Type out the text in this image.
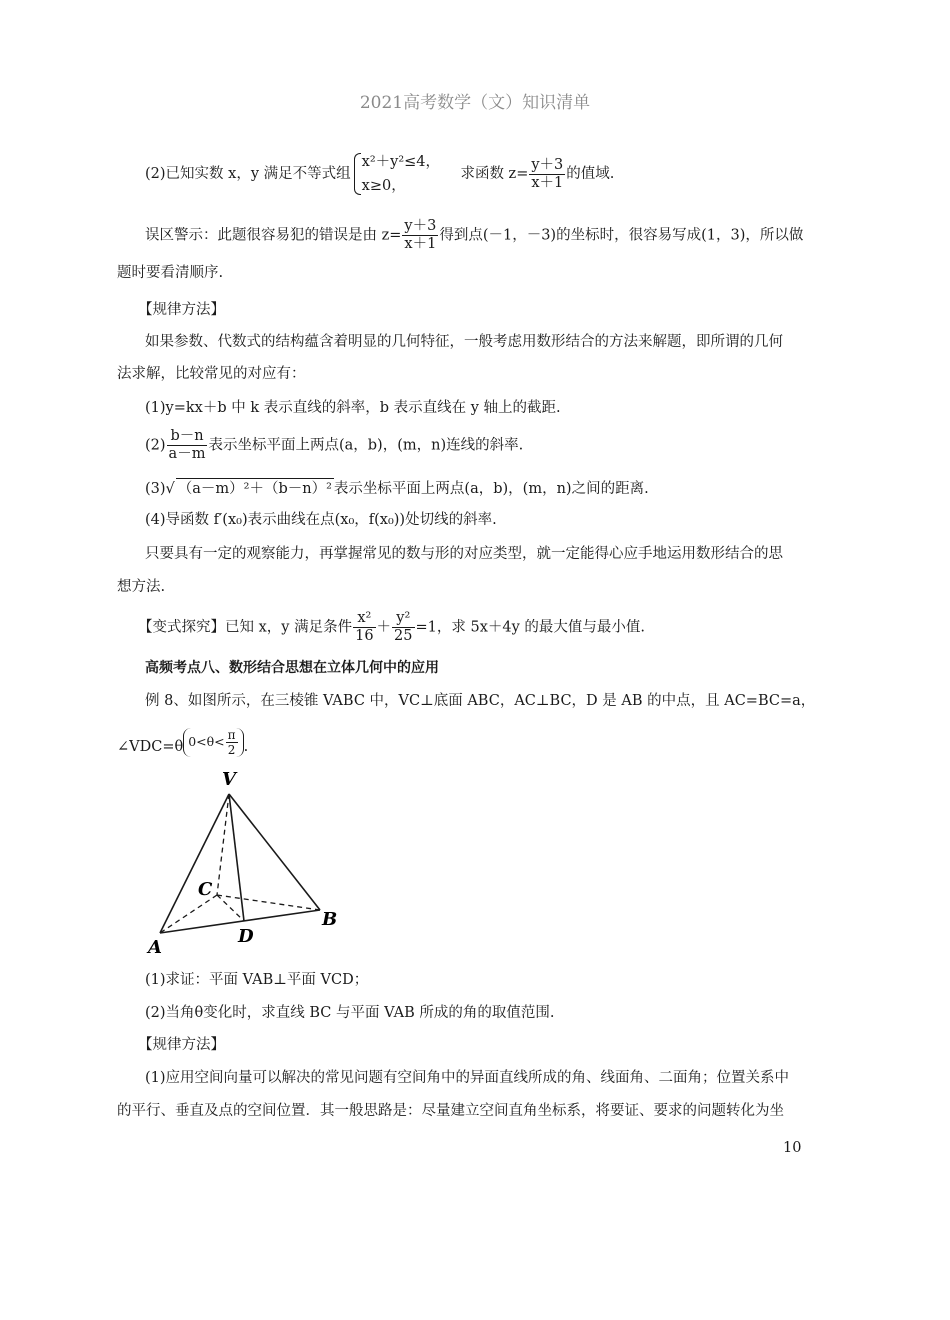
2021高考数学（文）知识清单
(2)已知实数 x，y 满足不等式组
x²＋y²≤4，
x≥0，
求函数 $z= \frac{y+3}{x+1}$ 的值域.
误区警示：此题很容易犯的错误是由 $z= \frac{y+3}{x+1}$ 得到点(－1，－3)的坐标时，很容易写成(1，3)，所以做
题时要看清顺序.
【规律方法】
如果参数、代数式的结构蕴含着明显的几何特征，一般考虑用数形结合的方法来解题，即所谓的几何
法求解，比较常见的对应有：
(1)y=kx＋b 中 k 表示直线的斜率，b 表示直线在 y 轴上的截距.
$(2) \frac{b-n}{a-m}$ 表示坐标平面上两点(a，b)，(m，n)连线的斜率.
(3)√ （a－m）²＋（b－n）² 表示坐标平面上两点(a，b)，(m，n)之间的距离.
(4)导函数 f′(x₀)表示曲线在点(x₀，f(x₀))处切线的斜率.
只要具有一定的观察能力，再掌握常见的数与形的对应类型，就一定能得心应手地运用数形结合的思
想方法.
【变式探究】已知 x，y 满足条件 $\frac{\text{x²}}{16} + \frac{\text{y²}}{25} =1$，求 5x＋4y 的最大值与最小值.
高频考点八、数形结合思想在立体几何中的应用
例 8、如图所示，在三棱锥 VABC 中，VC⊥底面 ABC，AC⊥BC，D 是 AB 的中点，且 AC=BC=a，
∠VDC=θ $0<\theta< \frac{\pi}{2}$ .
V
A
B
C
D
(1)求证：平面 VAB⊥平面 VCD；
(2)当角θ变化时，求直线 BC 与平面 VAB 所成的角的取值范围.
【规律方法】
(1)应用空间向量可以解决的常见问题有空间角中的异面直线所成的角、线面角、二面角；位置关系中
的平行、垂直及点的空间位置．其一般思路是：尽量建立空间直角坐标系，将要证、要求的问题转化为坐
10
